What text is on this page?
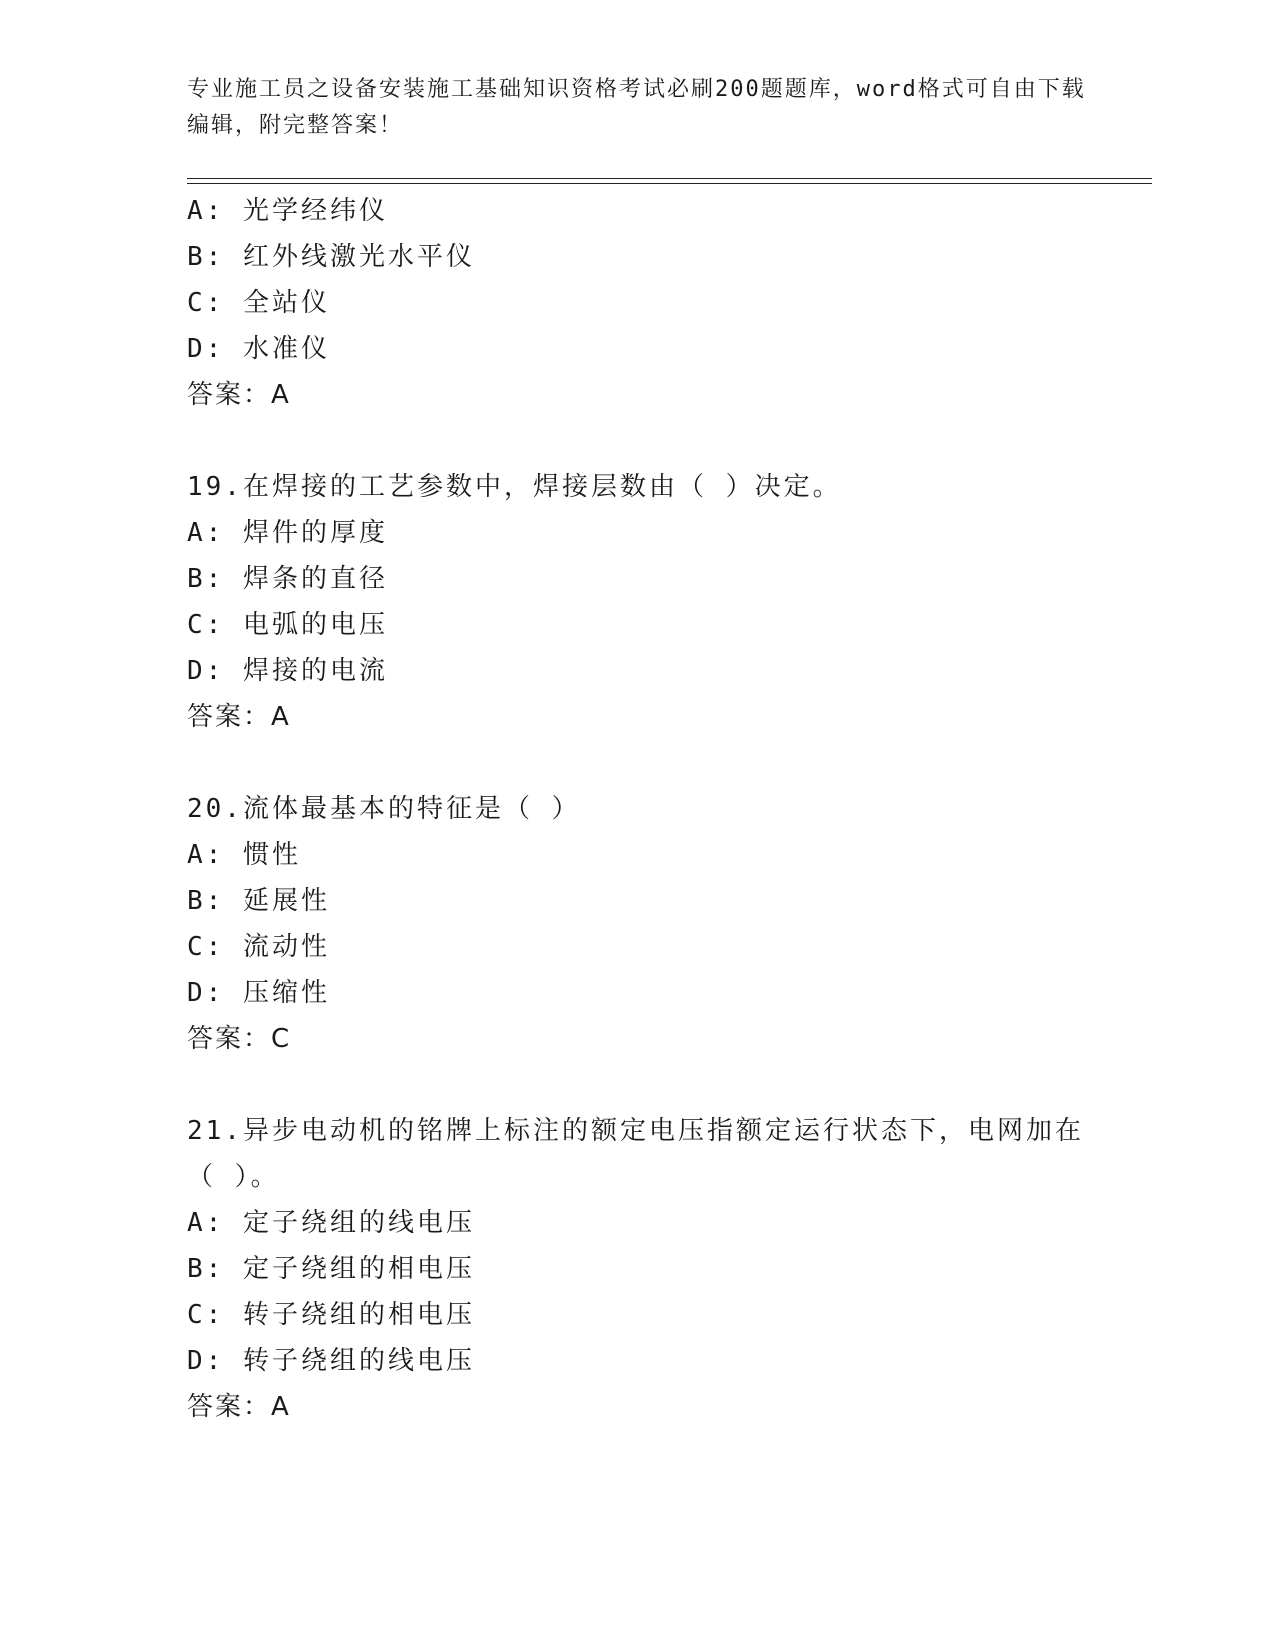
专业施工员之设备安装施工基础知识资格考试必刷200题题库，word格式可自由下载编辑，附完整答案！
A: 光学经纬仪
B: 红外线激光水平仪
C: 全站仪
D: 水准仪
答案：A
19.在焊接的工艺参数中，焊接层数由（ ）决定。
A: 焊件的厚度
B: 焊条的直径
C: 电弧的电压
D: 焊接的电流
答案：A
20.流体最基本的特征是（ ）
A: 惯性
B: 延展性
C: 流动性
D: 压缩性
答案：C
21.异步电动机的铭牌上标注的额定电压指额定运行状态下，电网加在（ ）。
A: 定子绕组的线电压
B: 定子绕组的相电压
C: 转子绕组的相电压
D: 转子绕组的线电压
答案：A
